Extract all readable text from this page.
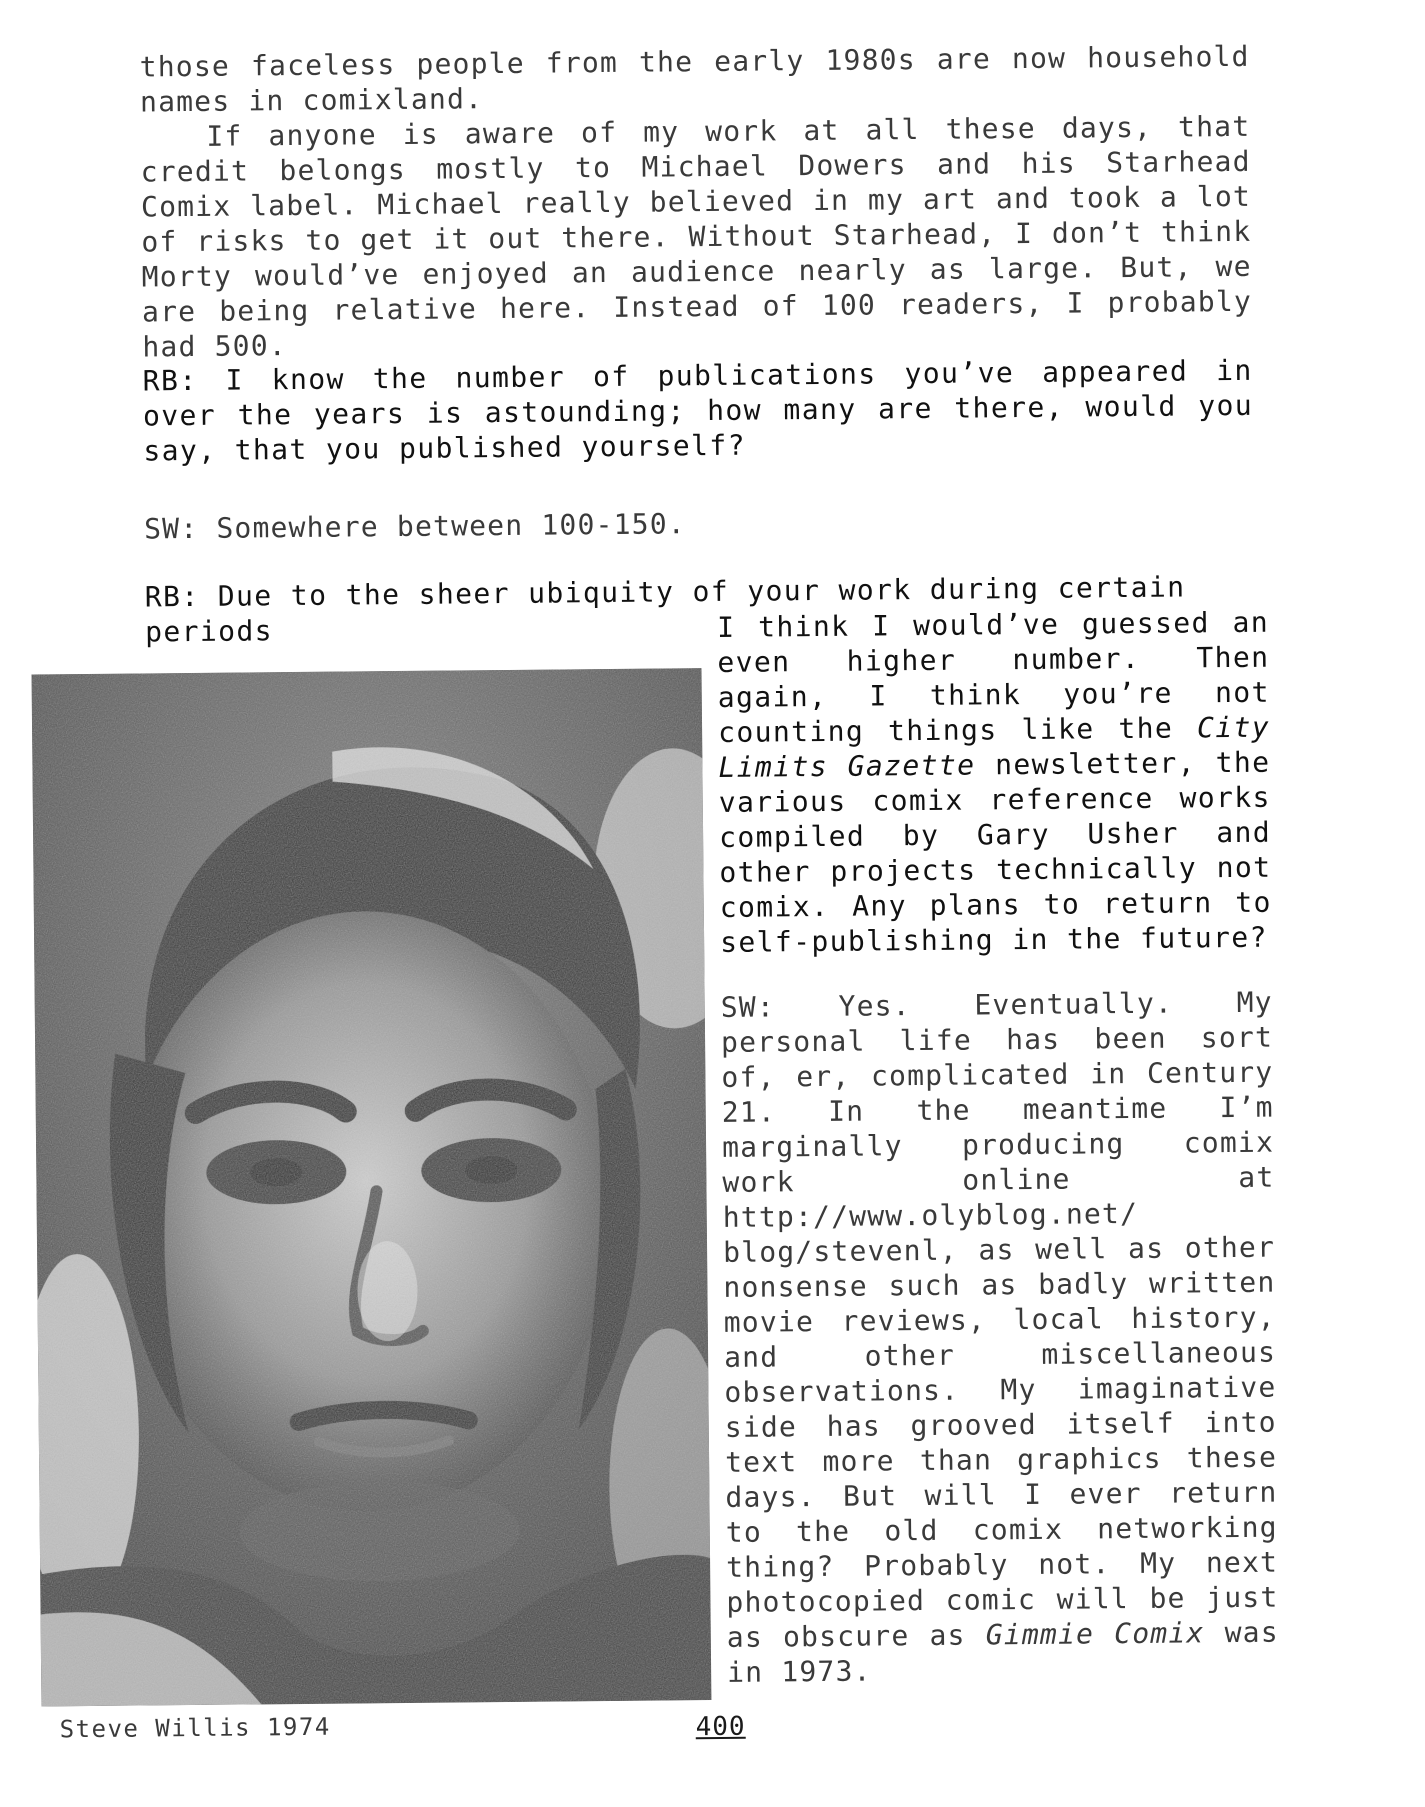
those faceless people from the early 1980s are now household names in comixland.

If anyone is aware of my work at all these days, that credit belongs mostly to Michael Dowers and his Starhead Comix label. Michael really believed in my art and took a lot of risks to get it out there. Without Starhead, I don’t think Morty would’ve enjoyed an audience nearly as large. But, we are being relative here. Instead of 100 readers, I probably had 500.

RB: I know the number of publications you’ve appeared in over the years is astounding; how many are there, would you say, that you published yourself?

SW: Somewhere between 100-150.

RB: Due to the sheer ubiquity of your work during certain periods	I think I would’ve guessed an even higher number. Then again, I think you’re not counting things like the City Limits Gazette newsletter, the various comix reference works compiled by Gary Usher and other projects technically not comix. Any plans to return to self-publishing in the future?

SW: Yes. Eventually. My personal life has been sort of, er, complicated in Century 21. In the meantime I’m marginally producing comix work online at http://www.olyblog.net/ blog/stevenl, as well as other nonsense such as badly written movie reviews, local history, and other miscellaneous observations. My imaginative side has grooved itself into text more than graphics these days. But will I ever return to the old comix networking thing? Probably not. My next photocopied comic will be just as obscure as Gimmie Comix was in 1973.

Steve Willis 1974	400
